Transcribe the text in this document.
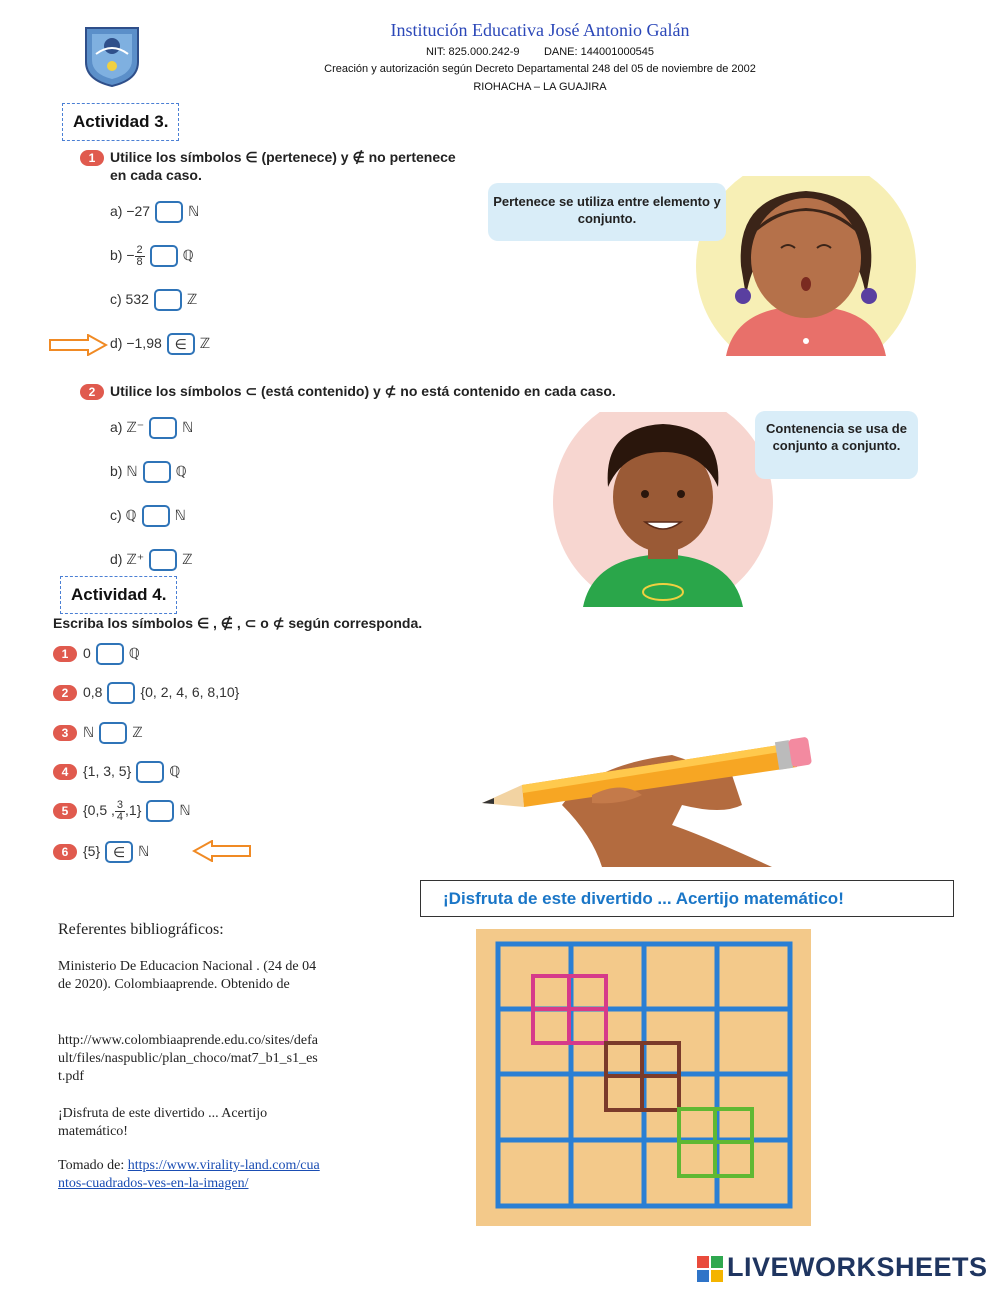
Institución Educativa José Antonio Galán
NIT: 825.000.242-9        DANE: 144001000545
Creación y autorización según Decreto Departamental 248 del 05 de noviembre de 2002
RIOHACHA – LA GUAJIRA
Actividad 3.
1 Utilice los símbolos ∈ (pertenece) y ∉ no pertenece
en cada caso.
a) −27	ℕ
$b) - \frac{2}{8}$	ℚ
c) 532	ℤ
d) −1,98 ∈ ℤ
Pertenece se utiliza entre elemento y conjunto.
2 Utilice los símbolos ⊂ (está contenido) y ⊄ no está contenido en cada caso.
a) ℤ⁻	ℕ
b) ℕ	ℚ
c) ℚ	ℕ
d) ℤ⁺	ℤ
Contenencia se usa de conjunto a conjunto.
Actividad 4.
Escriba los símbolos ∈ , ∉ , ⊂ o ⊄ según corresponda.
1 0	ℚ
2 0,8	{0, 2, 4, 6, 8,10}
3 ℕ	ℤ
4 {1, 3, 5}	ℚ
5 {0,5 , $\frac{3}{4} ,1$}	ℕ
6 {5} ∈ ℕ
¡Disfruta de este divertido ... Acertijo matemático!
Referentes bibliográficos:
Ministerio De Educacion Nacional . (24 de 04 de 2020). Colombiaaprende. Obtenido de
http://www.colombiaaprende.edu.co/sites/default/files/naspublic/plan_choco/mat7_b1_s1_est.pdf
¡Disfruta de este divertido ... Acertijo matemático!
Tomado de: https://www.virality-land.com/cuantos-cuadrados-ves-en-la-imagen/
LIVEWORKSHEETS
